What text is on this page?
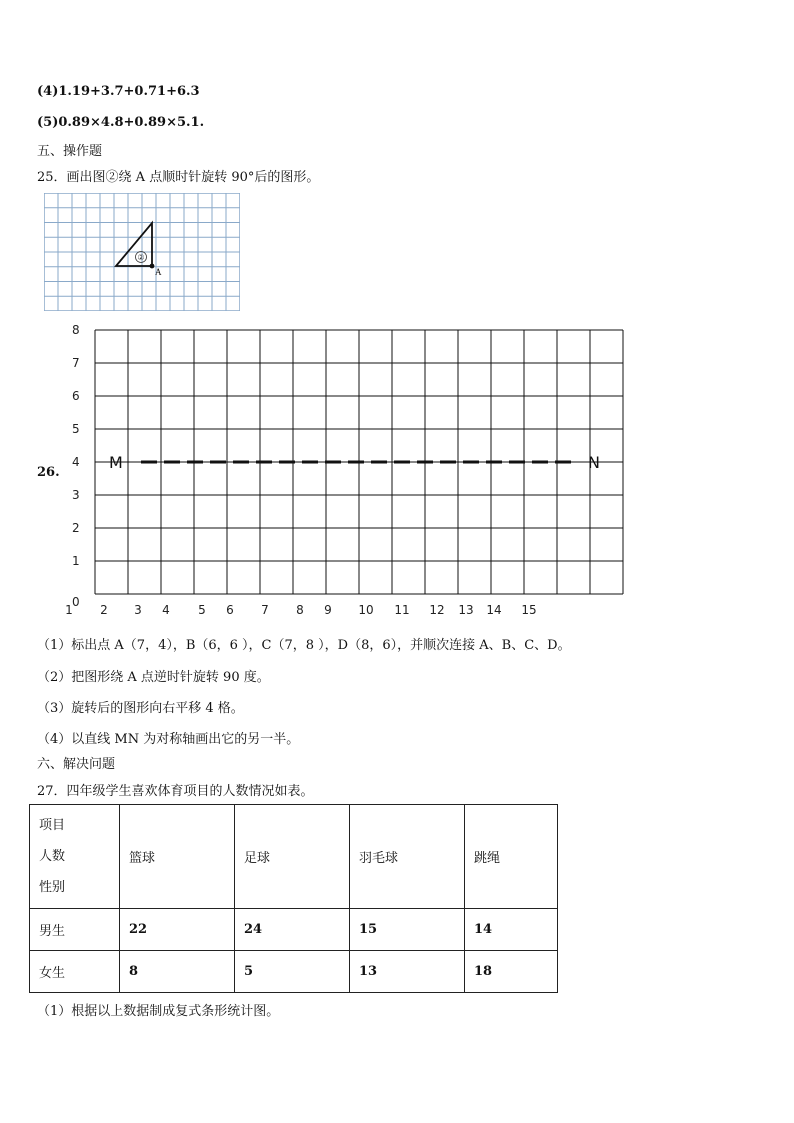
(4)1.19+3.7+0.71+6.3
(5)0.89×4.8+0.89×5.1.
五、操作题
25．画出图②绕 A 点顺时针旋转 90°后的图形。
②
A
26.
0
1
2
3
4
5
6
7
8
1 2 3 4 5 6 7 8 9 10 11 12 13 14 15
M	N
（1）标出点 A（7，4），B（6，6 ），C（7，8 ），D（8，6），并顺次连接 A、B、C、D。
（2）把图形绕 A 点逆时针旋转 90 度。
（3）旋转后的图形向右平移 4 格。
（4）以直线 MN 为对称轴画出它的另一半。
六、解决问题
27．四年级学生喜欢体育项目的人数情况如表。
项目
人数
性别	篮球	足球	羽毛球	跳绳
男生	22	24	15	14
女生	8	5	13	18
（1）根据以上数据制成复式条形统计图。
